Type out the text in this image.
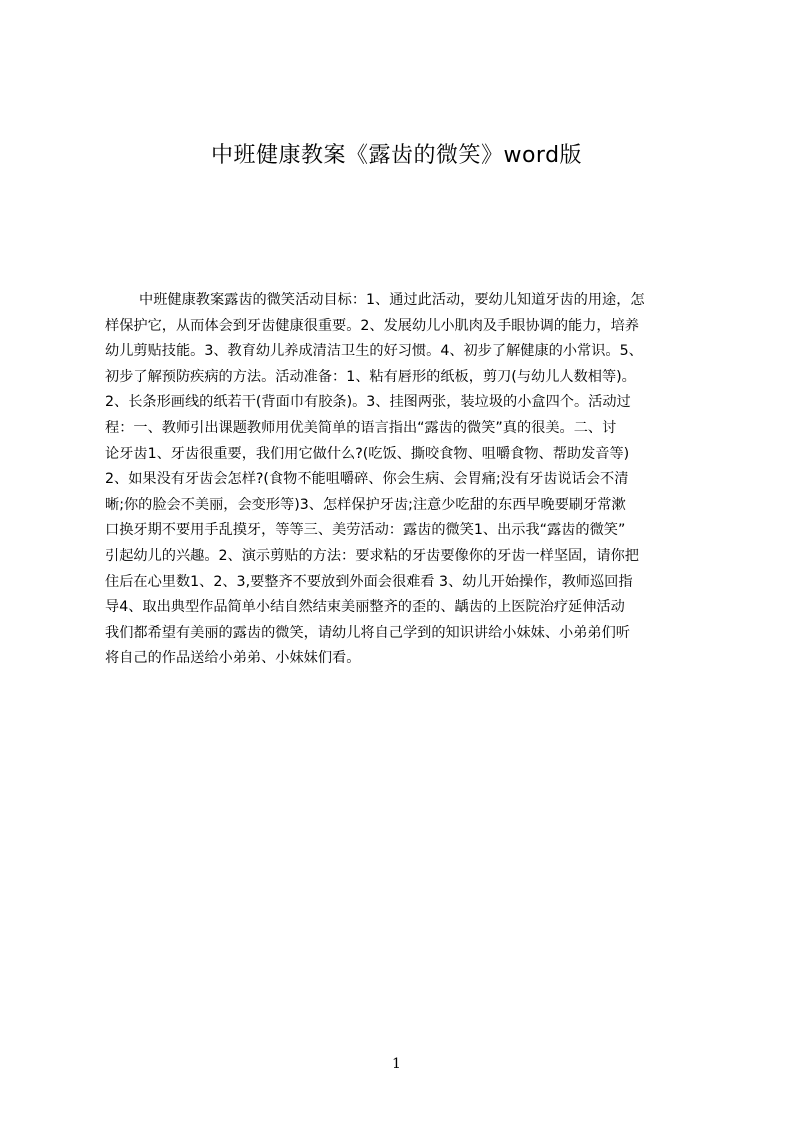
中班健康教案《露齿的微笑》word版
中班健康教案露齿的微笑活动目标：1、通过此活动，要幼儿知道牙齿的用途，怎
样保护它，从而体会到牙齿健康很重要。2、发展幼儿小肌肉及手眼协调的能力，培养
幼儿剪贴技能。3、教育幼儿养成清洁卫生的好习惯。4、初步了解健康的小常识。5、
初步了解预防疾病的方法。活动准备：1、粘有唇形的纸板，剪刀(与幼儿人数相等)。
2、长条形画线的纸若干(背面巾有胶条)。3、挂图两张，装垃圾的小盒四个。活动过
程：一、教师引出课题教师用优美简单的语言指出“露齿的微笑”真的很美。二、讨
论牙齿1、牙齿很重要，我们用它做什么?(吃饭、撕咬食物、咀嚼食物、帮助发音等)
2、如果没有牙齿会怎样?(食物不能咀嚼碎、你会生病、会胃痛;没有牙齿说话会不清
晰;你的脸会不美丽，会变形等)3、怎样保护牙齿;注意少吃甜的东西早晚要刷牙常漱
口换牙期不要用手乱摸牙，等等三、美劳活动：露齿的微笑1、出示我“露齿的微笑”
引起幼儿的兴趣。2、演示剪贴的方法：要求粘的牙齿要像你的牙齿一样坚固，请你把
住后在心里数1、2、3,要整齐不要放到外面会很难看 3、幼儿开始操作，教师巡回指
导4、取出典型作品简单小结自然结束美丽整齐的歪的、龋齿的上医院治疗延伸活动
我们都希望有美丽的露齿的微笑，请幼儿将自己学到的知识讲给小妹妹、小弟弟们听
将自己的作品送给小弟弟、小妹妹们看。
1
